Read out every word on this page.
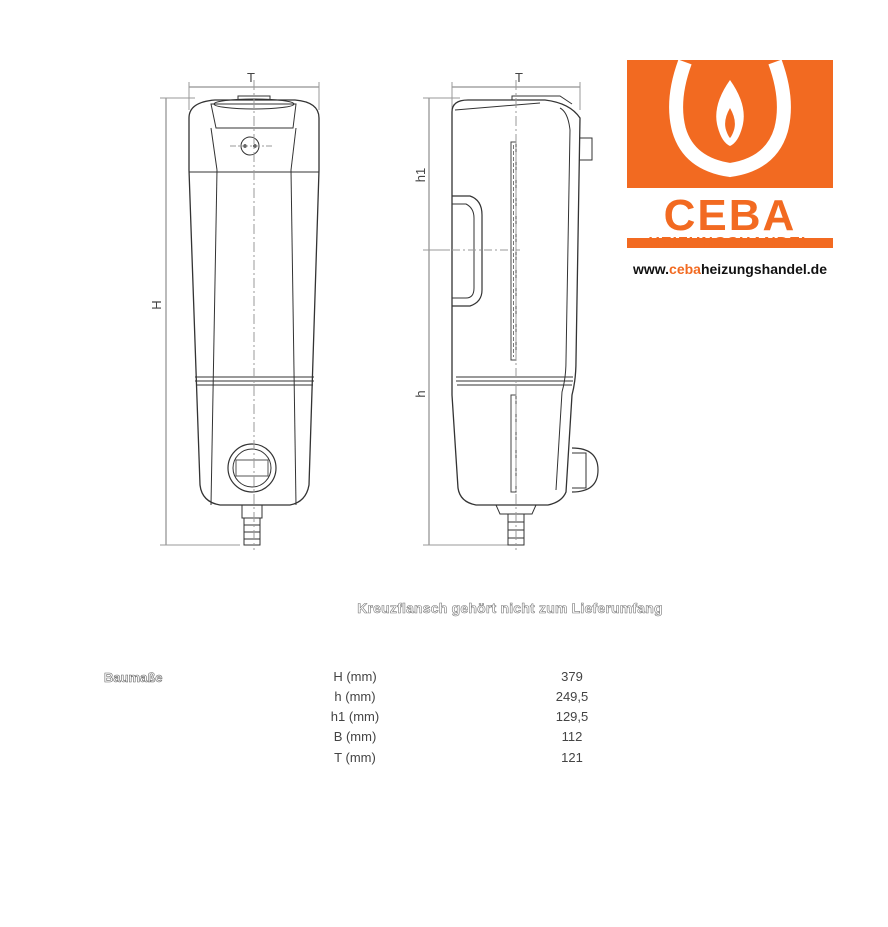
T
H
T
h1
h
CEBA
HEIZUNGSHANDEL
www.cebaheizungshandel.de
Kreuzflansch gehört nicht zum Lieferumfang
Baumaße	H (mm)	379
h (mm)	249,5
h1 (mm)	129,5
B (mm)	112
T (mm)	121
